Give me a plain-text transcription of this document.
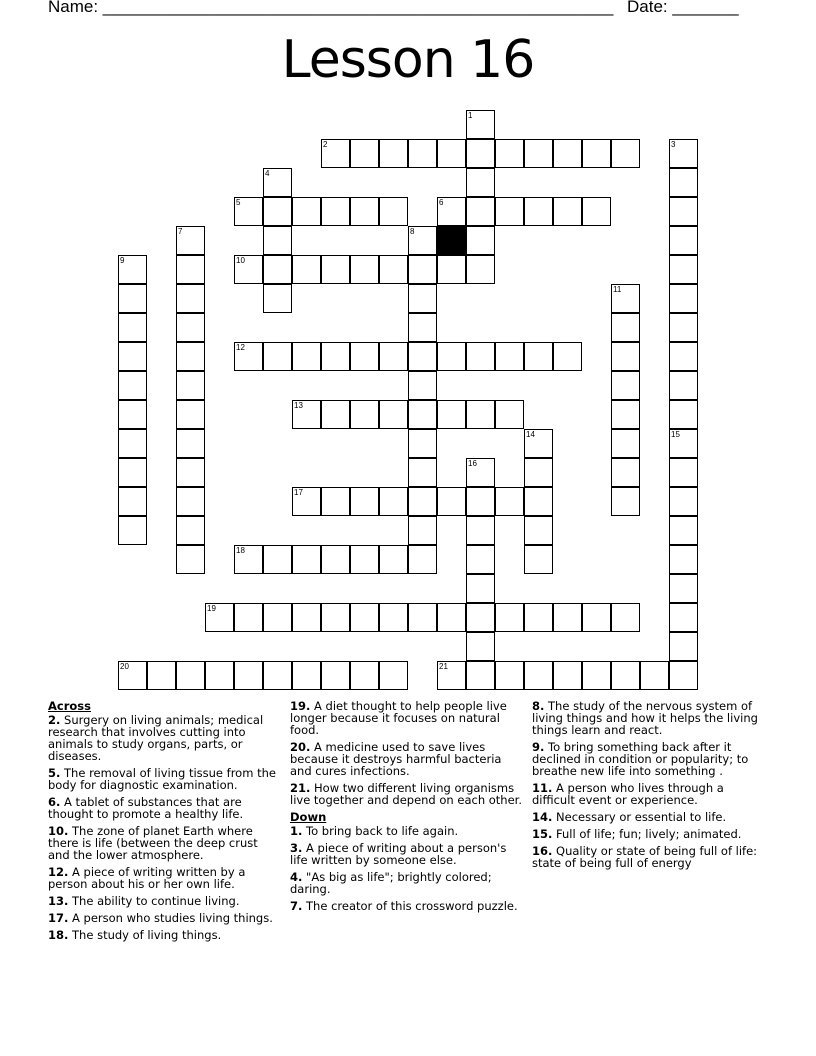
Name: ______________________________________________________ Date: _______
Lesson 16
1
2	3
4
5	6
7	8
9	10
11
12
13
14	15
16
17
18
19
20	21
Across
2. Surgery on living animals; medical research that involves cutting into animals to study organs, parts, or diseases.
5. The removal of living tissue from the body for diagnostic examination.
6. A tablet of substances that are thought to promote a healthy life.
10. The zone of planet Earth where there is life (between the deep crust and the lower atmosphere.
12. A piece of writing written by a person about his or her own life.
13. The ability to continue living.
17. A person who studies living things.
18. The study of living things.
19. A diet thought to help people live longer because it focuses on natural food.
20. A medicine used to save lives because it destroys harmful bacteria and cures infections.
21. How two different living organisms live together and depend on each other.
Down
1. To bring back to life again.
3. A piece of writing about a person's life written by someone else.
4. "As big as life"; brightly colored; daring.
7. The creator of this crossword puzzle.
8. The study of the nervous system of living things and how it helps the living things learn and react.
9. To bring something back after it declined in condition or popularity; to breathe new life into something .
11. A person who lives through a difficult event or experience.
14. Necessary or essential to life.
15. Full of life; fun; lively; animated.
16. Quality or state of being full of life: state of being full of energy
